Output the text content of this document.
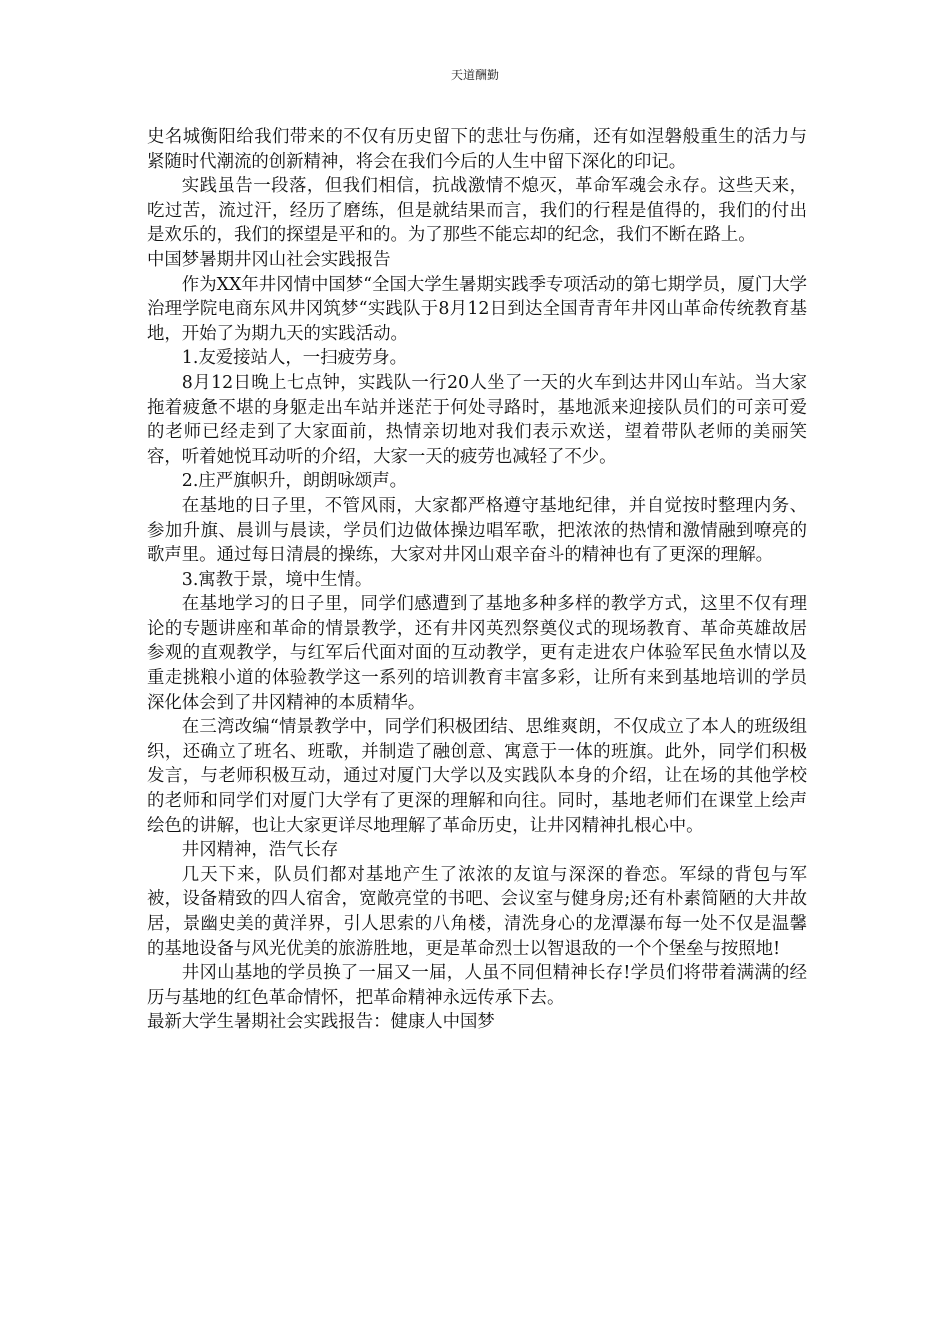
天道酬勤

史名城衡阳给我们带来的不仅有历史留下的悲壮与伤痛，还有如涅磐般重生的活力与紧随时代潮流的创新精神，将会在我们今后的人生中留下深化的印记。

实践虽告一段落，但我们相信，抗战激情不熄灭，革命军魂会永存。这些天来，吃过苦，流过汗，经历了磨练，但是就结果而言，我们的行程是值得的，我们的付出是欢乐的，我们的探望是平和的。为了那些不能忘却的纪念，我们不断在路上。

中国梦暑期井冈山社会实践报告

作为XX年井冈情中国梦“全国大学生暑期实践季专项活动的第七期学员，厦门大学治理学院电商东风井冈筑梦“实践队于8月12日到达全国青青年井冈山革命传统教育基地，开始了为期九天的实践活动。

1.友爱接站人，一扫疲劳身。

8月12日晚上七点钟，实践队一行20人坐了一天的火车到达井冈山车站。当大家拖着疲惫不堪的身躯走出车站并迷茫于何处寻路时，基地派来迎接队员们的可亲可爱的老师已经走到了大家面前，热情亲切地对我们表示欢送，望着带队老师的美丽笑容，听着她悦耳动听的介绍，大家一天的疲劳也减轻了不少。

2.庄严旗帜升，朗朗咏颂声。

在基地的日子里，不管风雨，大家都严格遵守基地纪律，并自觉按时整理内务、参加升旗、晨训与晨读，学员们边做体操边唱军歌，把浓浓的热情和激情融到嘹亮的歌声里。通过每日清晨的操练，大家对井冈山艰辛奋斗的精神也有了更深的理解。

3.寓教于景，境中生情。

在基地学习的日子里，同学们感遭到了基地多种多样的教学方式，这里不仅有理论的专题讲座和革命的情景教学，还有井冈英烈祭奠仪式的现场教育、革命英雄故居参观的直观教学，与红军后代面对面的互动教学，更有走进农户体验军民鱼水情以及重走挑粮小道的体验教学这一系列的培训教育丰富多彩，让所有来到基地培训的学员深化体会到了井冈精神的本质精华。

在三湾改编“情景教学中，同学们积极团结、思维爽朗，不仅成立了本人的班级组织，还确立了班名、班歌，并制造了融创意、寓意于一体的班旗。此外，同学们积极发言，与老师积极互动，通过对厦门大学以及实践队本身的介绍，让在场的其他学校的老师和同学们对厦门大学有了更深的理解和向往。同时，基地老师们在课堂上绘声绘色的讲解，也让大家更详尽地理解了革命历史，让井冈精神扎根心中。

井冈精神，浩气长存

几天下来，队员们都对基地产生了浓浓的友谊与深深的眷恋。军绿的背包与军被，设备精致的四人宿舍，宽敞亮堂的书吧、会议室与健身房;还有朴素简陋的大井故居，景幽史美的黄洋界，引人思索的八角楼，清洗身心的龙潭瀑布每一处不仅是温馨的基地设备与风光优美的旅游胜地，更是革命烈士以智退敌的一个个堡垒与按照地!

井冈山基地的学员换了一届又一届，人虽不同但精神长存!学员们将带着满满的经历与基地的红色革命情怀，把革命精神永远传承下去。

最新大学生暑期社会实践报告：健康人中国梦
